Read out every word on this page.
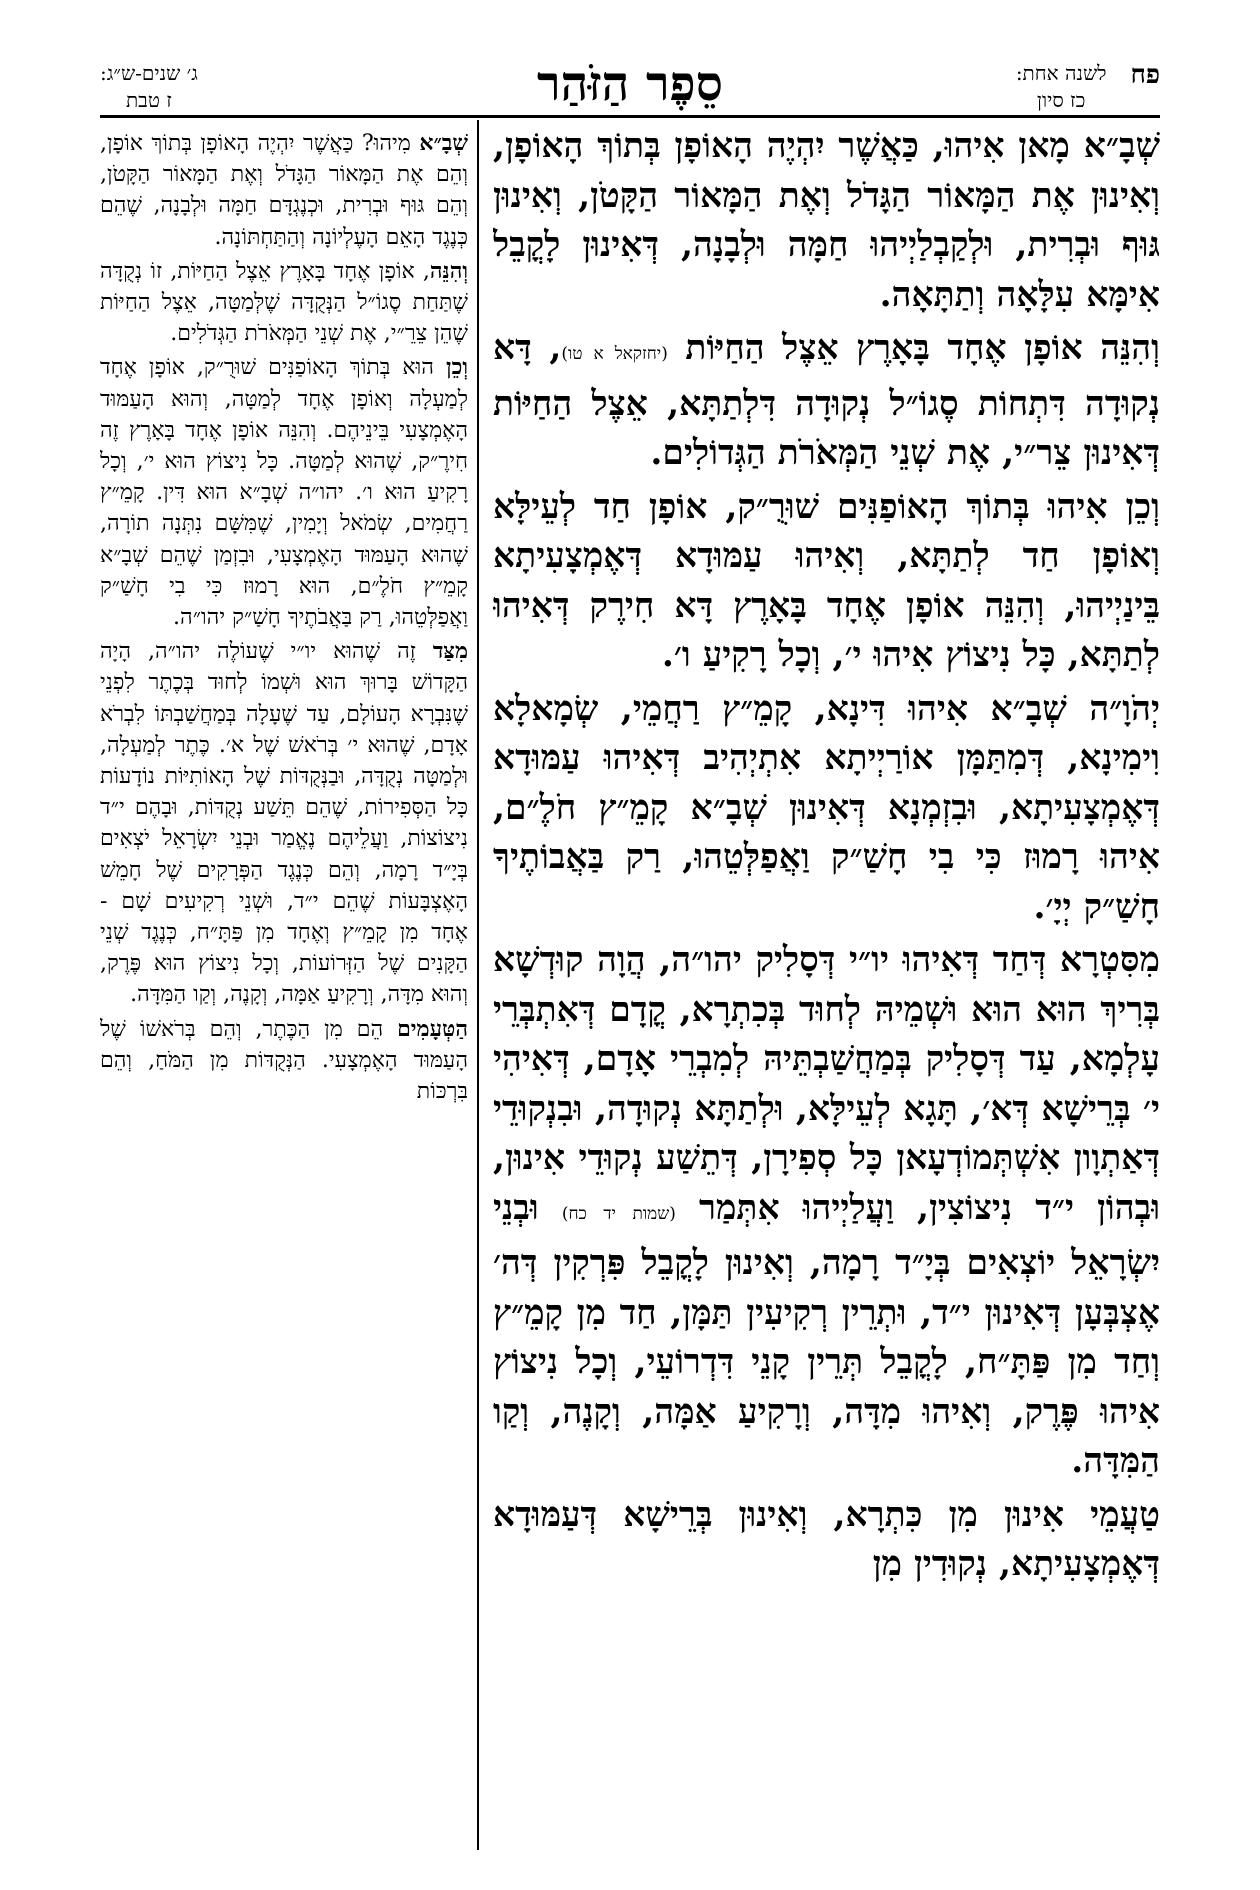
פח
לשנה אחת:
כז סיון
סֵפֶר הַזֹּהַר
ג׳ שנים-ש״ג:
ז טבת

שְׁבָ״א מָאן אִיהוּ, כַּאֲשֶׁר יִהְיֶה הָאוֹפָן בְּתוֹךְ הָאוֹפָן, וְאִינוּן אֶת הַמָּאוֹר הַגָּדֹל וְאֶת הַמָּאוֹר הַקָּטֹן, וְאִינוּן גּוּף וּבְרִית, וּלְקַבְלַיְיהוּ חַמָּה וּלְבָנָה, דְּאִינוּן לָקֳבֵל אִימָּא עִלָּאָה וְתַתָּאָה.

וְהִנֵּה אוֹפָן אֶחָד בָּאָרֶץ אֵצֶל הַחַיּוֹת (יחזקאל א טו), דָּא נְקוּדָה דִּתְחוֹת סֶגוֹ״ל נְקוּדָה דִּלְתַתָּא, אֵצֶל הַחַיּוֹת דְּאִינוּן צֵר״י, אֶת שְׁנֵי הַמְּאֹרֹת הַגְּדוֹלִים.

וְכֵן אִיהוּ בְּתוֹךְ הָאוֹפַנִּים שׁוּרֻ״ק, אוֹפָן חַד לְעֵילָּא וְאוֹפָן חַד לְתַתָּא, וְאִיהוּ עַמּוּדָא דְּאֶמְצָעִיתָא בֵּינַיְיהוּ, וְהִנֵּה אוֹפָן אֶחָד בָּאָרֶץ דָּא חִירֶק דְּאִיהוּ לְתַתָּא, כָּל נִיצוֹץ אִיהוּ י׳, וְכָל רָקִיעַ ו׳.

יְהֹוָ״ה שְׁבָ״א אִיהוּ דִּינָא, קָמֵ״ץ רַחֲמֵי, שְׂמָאלָא וִימִינָא, דְּמִתַּמָּן אוֹרַיְיתָא אִתְיְהִיב דְּאִיהוּ עַמּוּדָא דְּאֶמְצָעִיתָא, וּבִזְמְנָא דְּאִינוּן שְׁבָ״א קָמֵ״ץ חֹלֶ״ם, אִיהוּ רָמוּז כִּי בִי חָשַׁ״ק וַאֲפַלְּטֵהוּ, רַק בַּאֲבוֹתֶיךָ חָשַׁ״ק יְיָ׳.

מִסִּטְרָא דְּחַד דְּאִיהוּ יו״י דְּסָלִיק יהו״ה, הֲוָה קוּדְשָׁא בְּרִיךְ הוּא הוּא וּשְׁמֵיהּ לְחוּד בְּכִתְרָא, קֳדָם דְּאִתְבְּרֵי עָלְמָא, עַד דְּסָלִיק בְּמַחֲשַׁבְתֵּיהּ לְמִבְרֵי אָדָם, דְּאִיהִי י׳ בְּרֵישָׁא דְּא׳, תָּגָא לְעֵילָּא, וּלְתַתָּא נְקוּדָה, וּבִנְקוּדֵי דְּאַתְוָון אִשְׁתְּמוֹדְעָאן כָּל סְפִירָן, דְּתֵשַׁע נְקוּדֵי אִינוּן, וּבְהוֹן י״ד נִיצוֹצִין, וַעֲלַיְיהוּ אִתְּמַר (שמות יד כח) וּבְנֵי יִשְׂרָאֵל יוֹצְאִים בְּיָ״ד רָמָה, וְאִינוּן לָקֳבֵל פִּרְקִין דְּה׳ אֶצְבְּעָן דְּאִינוּן י״ד, וּתְרֵין רְקִיעִין תַּמָּן, חַד מִן קָמֵ״ץ וְחַד מִן פַּתָּ״ח, לָקֳבֵל תְּרֵין קָנֵי דִּדְרוֹעֵי, וְכָל נִיצוֹץ אִיהוּ פֶּרֶק, וְאִיהוּ מִדָּה, וְרָקִיעַ אַמָּה, וְקָנֶה, וְקַו הַמִּדָּה.

טַעֲמֵי אִינוּן מִן כִּתְרָא, וְאִינוּן בְּרֵישָׁא דְּעַמּוּדָא דְּאֶמְצָעִיתָא, נְקוּדִין מִן

שְׁבָ״א מִיהוּ? כַּאֲשֶׁר יִהְיֶה הָאוֹפָן בְּתוֹךְ אוֹפָן, וְהֵם אֶת הַמָּאוֹר הַגָּדֹל וְאֶת הַמָּאוֹר הַקָּטֹן, וְהֵם גּוּף וּבְרִית, וּכְנֶגְדָּם חַמָּה וּלְבָנָה, שֶׁהֵם כְּנֶגֶד הָאֵם הָעֶלְיוֹנָה וְהַתַּחְתּוֹנָה.

וְהִנֵּה, אוֹפָן אֶחָד בָּאָרֶץ אֵצֶל הַחַיּוֹת, זוֹ נְקֻדָּה שֶׁתַּחַת סֶגוֹ״ל הַנְּקֻדָּה שֶׁלְּמַטָּה, אֵצֶל הַחַיּוֹת שֶׁהֵן צֵרֵ״י, אֶת שְׁנֵי הַמְּאֹרֹת הַגְּדֹלִים.

וְכֵן הוּא בְּתוֹךְ הָאוֹפַנִּים שׁוּרֻ״ק, אוֹפָן אֶחָד לְמַעְלָה וְאוֹפָן אֶחָד לְמַטָּה, וְהוּא הָעַמּוּד הָאֶמְצָעִי בֵּינֵיהֶם. וְהִנֵּה אוֹפָן אֶחָד בָּאָרֶץ זֶה חִירֶ״ק, שֶׁהוּא לְמַטָּה. כָּל נִיצוֹץ הוּא י׳, וְכָל רָקִיעַ הוּא ו׳. יהו״ה שְׁבָ״א הוּא דִּין. קָמֵ״ץ רַחֲמִים, שְׂמֹאל וְיָמִין, שֶׁמִּשָּׁם נִתְּנָה תוֹרָה, שֶׁהוּא הָעַמּוּד הָאֶמְצָעִי, וּבִזְמַן שֶׁהֵם שְׁבָ״א קָמֵ״ץ חֹלֶ״ם, הוּא רָמוּז כִּי בִי חָשַׁ״ק וַאֲפַלְּטֵהוּ, רַק בַּאֲבֹתֶיךָ חָשַׁ״ק יהו״ה.

מִצַּד זֶה שֶׁהוּא יו״י שֶׁעוֹלֶה יהו״ה, הָיָה הַקָּדוֹשׁ בָּרוּךְ הוּא וּשְׁמוֹ לְחוּד בְּכֶתֶר לִפְנֵי שֶׁנִּבְרָא הָעוֹלָם, עַד שֶׁעָלָה בְּמַחֲשַׁבְתּוֹ לִבְרֹא אָדָם, שֶׁהוּא י׳ בְּרֹאשׁ שֶׁל א׳. כֶּתֶר לְמַעְלָה, וּלְמַטָּה נְקֻדָּה, וּבַנְּקֻדּוֹת שֶׁל הָאוֹתִיּוֹת נוֹדָעוֹת כָּל הַסְּפִירוֹת, שֶׁהֵם תֵּשַׁע נְקֻדּוֹת, וּבָהֶם י״ד נִיצוֹצוֹת, וַעֲלֵיהֶם נֶאֱמַר וּבְנֵי יִשְׂרָאֵל יֹצְאִים בְּיָ״ד רָמָה, וְהֵם כְּנֶגֶד הַפְּרָקִים שֶׁל חָמֵשׁ הָאֶצְבָּעוֹת שֶׁהֵם י״ד, וּשְׁנֵי רְקִיעִים שָׁם - אֶחָד מִן קָמֵ״ץ וְאֶחָד מִן פַּתָּ״ח, כְּנֶגֶד שְׁנֵי הַקָּנִים שֶׁל הַזְּרוֹעוֹת, וְכָל נִיצוֹץ הוּא פֶּרֶק, וְהוּא מִדָּה, וְרָקִיעַ אַמָּה, וְקָנֶה, וְקַו הַמִּדָּה.

הַטְּעָמִים הֵם מִן הַכֶּתֶר, וְהֵם בְּרֹאשׁוֹ שֶׁל הָעַמּוּד הָאֶמְצָעִי. הַנְּקֻדּוֹת מִן הַמֹּחַ, וְהֵם בִּרְכּוֹת
